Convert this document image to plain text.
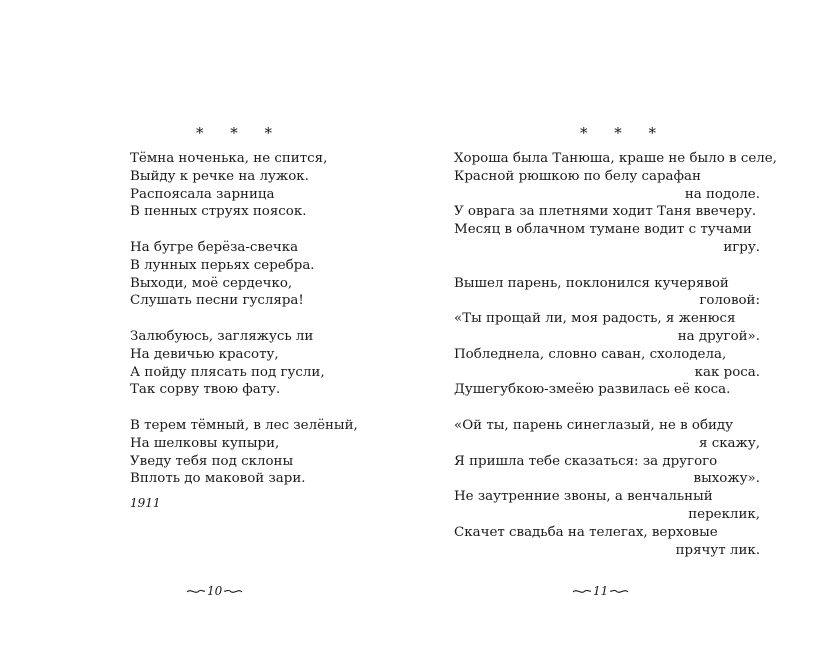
* * *
Тёмна ноченька, не спится,
Выйду к речке на лужок.
Распоясала зарница
В пенных струях поясок.
На бугре берёза-свечка
В лунных перьях серебра.
Выходи, моё сердечко,
Слушать песни гусляра!
Залюбуюсь, загляжусь ли
На девичью красоту,
А пойду плясать под гусли,
Так сорву твою фату.
В терем тёмный, в лес зелёный,
На шелковы купыри,
Уведу тебя под склоны
Вплоть до маковой зари.
1911
10
* * *
Хороша была Танюша, краше не было в селе,
Красной рюшкою по белу сарафан
на подоле.
У оврага за плетнями ходит Таня ввечеру.
Месяц в облачном тумане водит с тучами
игру.
Вышел парень, поклонился кучерявой
головой:
«Ты прощай ли, моя радость, я женюся
на другой».
Побледнела, словно саван, схолодела,
как роса.
Душегубкою-змеёю развилась её коса.
«Ой ты, парень синеглазый, не в обиду
я скажу,
Я пришла тебе сказаться: за другого
выхожу».
Не заутренние звоны, а венчальный
переклик,
Скачет свадьба на телегах, верховые
прячут лик.
11
